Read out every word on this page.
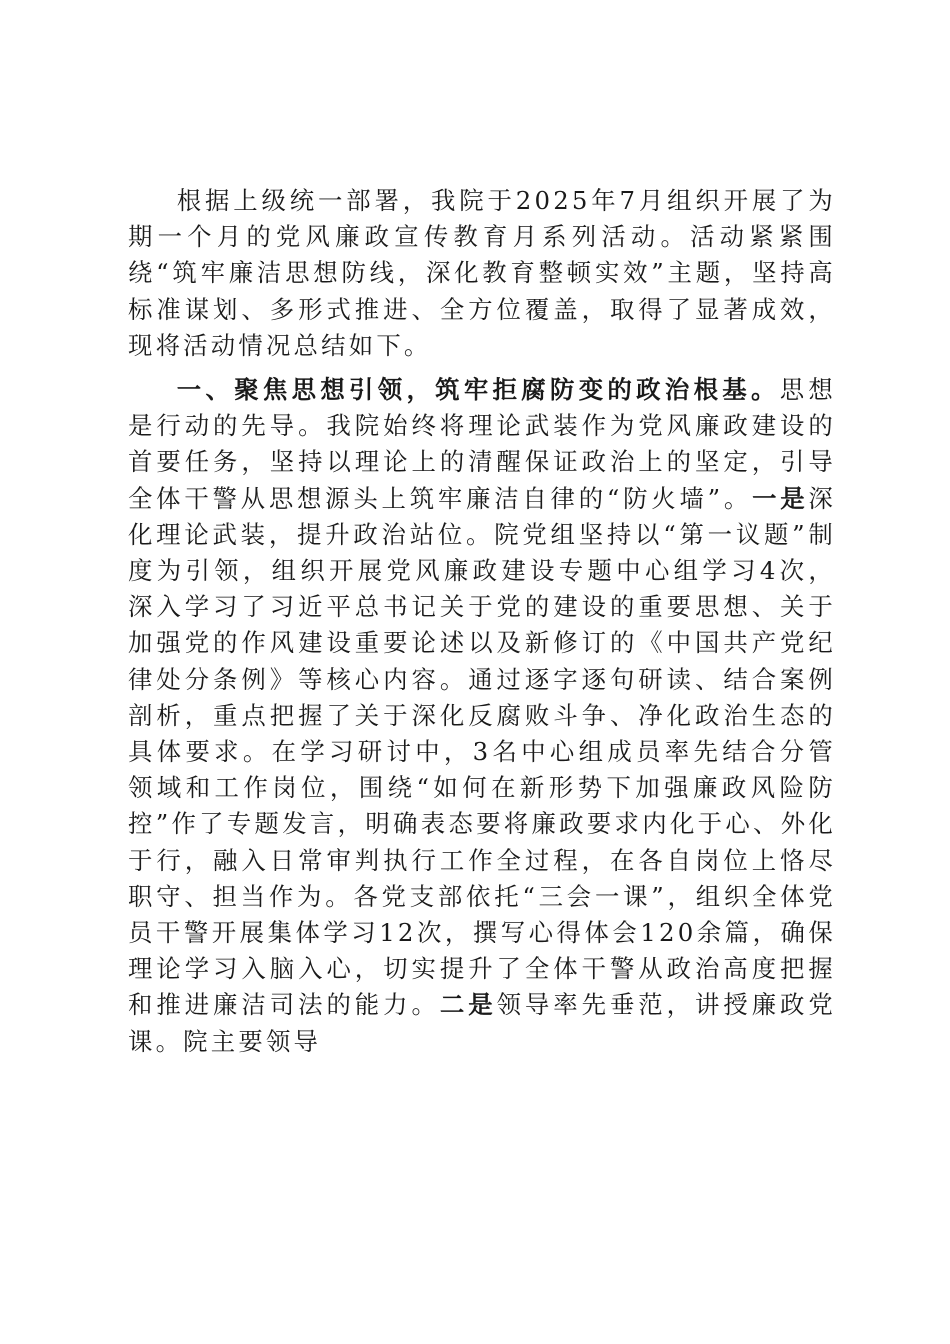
根据上级统一部署，我院于2025年7月组织开展了为期一个月的党风廉政宣传教育月系列活动。活动紧紧围绕“筑牢廉洁思想防线，深化教育整顿实效”主题，坚持高标准谋划、多形式推进、全方位覆盖，取得了显著成效，现将活动情况总结如下。

一、聚焦思想引领，筑牢拒腐防变的政治根基。思想是行动的先导。我院始终将理论武装作为党风廉政建设的首要任务，坚持以理论上的清醒保证政治上的坚定，引导全体干警从思想源头上筑牢廉洁自律的“防火墙”。一是深化理论武装，提升政治站位。院党组坚持以“第一议题”制度为引领，组织开展党风廉政建设专题中心组学习4次，深入学习了习近平总书记关于党的建设的重要思想、关于加强党的作风建设重要论述以及新修订的《中国共产党纪律处分条例》等核心内容。通过逐字逐句研读、结合案例剖析，重点把握了关于深化反腐败斗争、净化政治生态的具体要求。在学习研讨中，3名中心组成员率先结合分管领域和工作岗位，围绕“如何在新形势下加强廉政风险防控”作了专题发言，明确表态要将廉政要求内化于心、外化于行，融入日常审判执行工作全过程，在各自岗位上恪尽职守、担当作为。各党支部依托“三会一课”，组织全体党员干警开展集体学习12次，撰写心得体会120余篇，确保理论学习入脑入心，切实提升了全体干警从政治高度把握和推进廉洁司法的能力。二是领导率先垂范，讲授廉政党课。院主要领导
